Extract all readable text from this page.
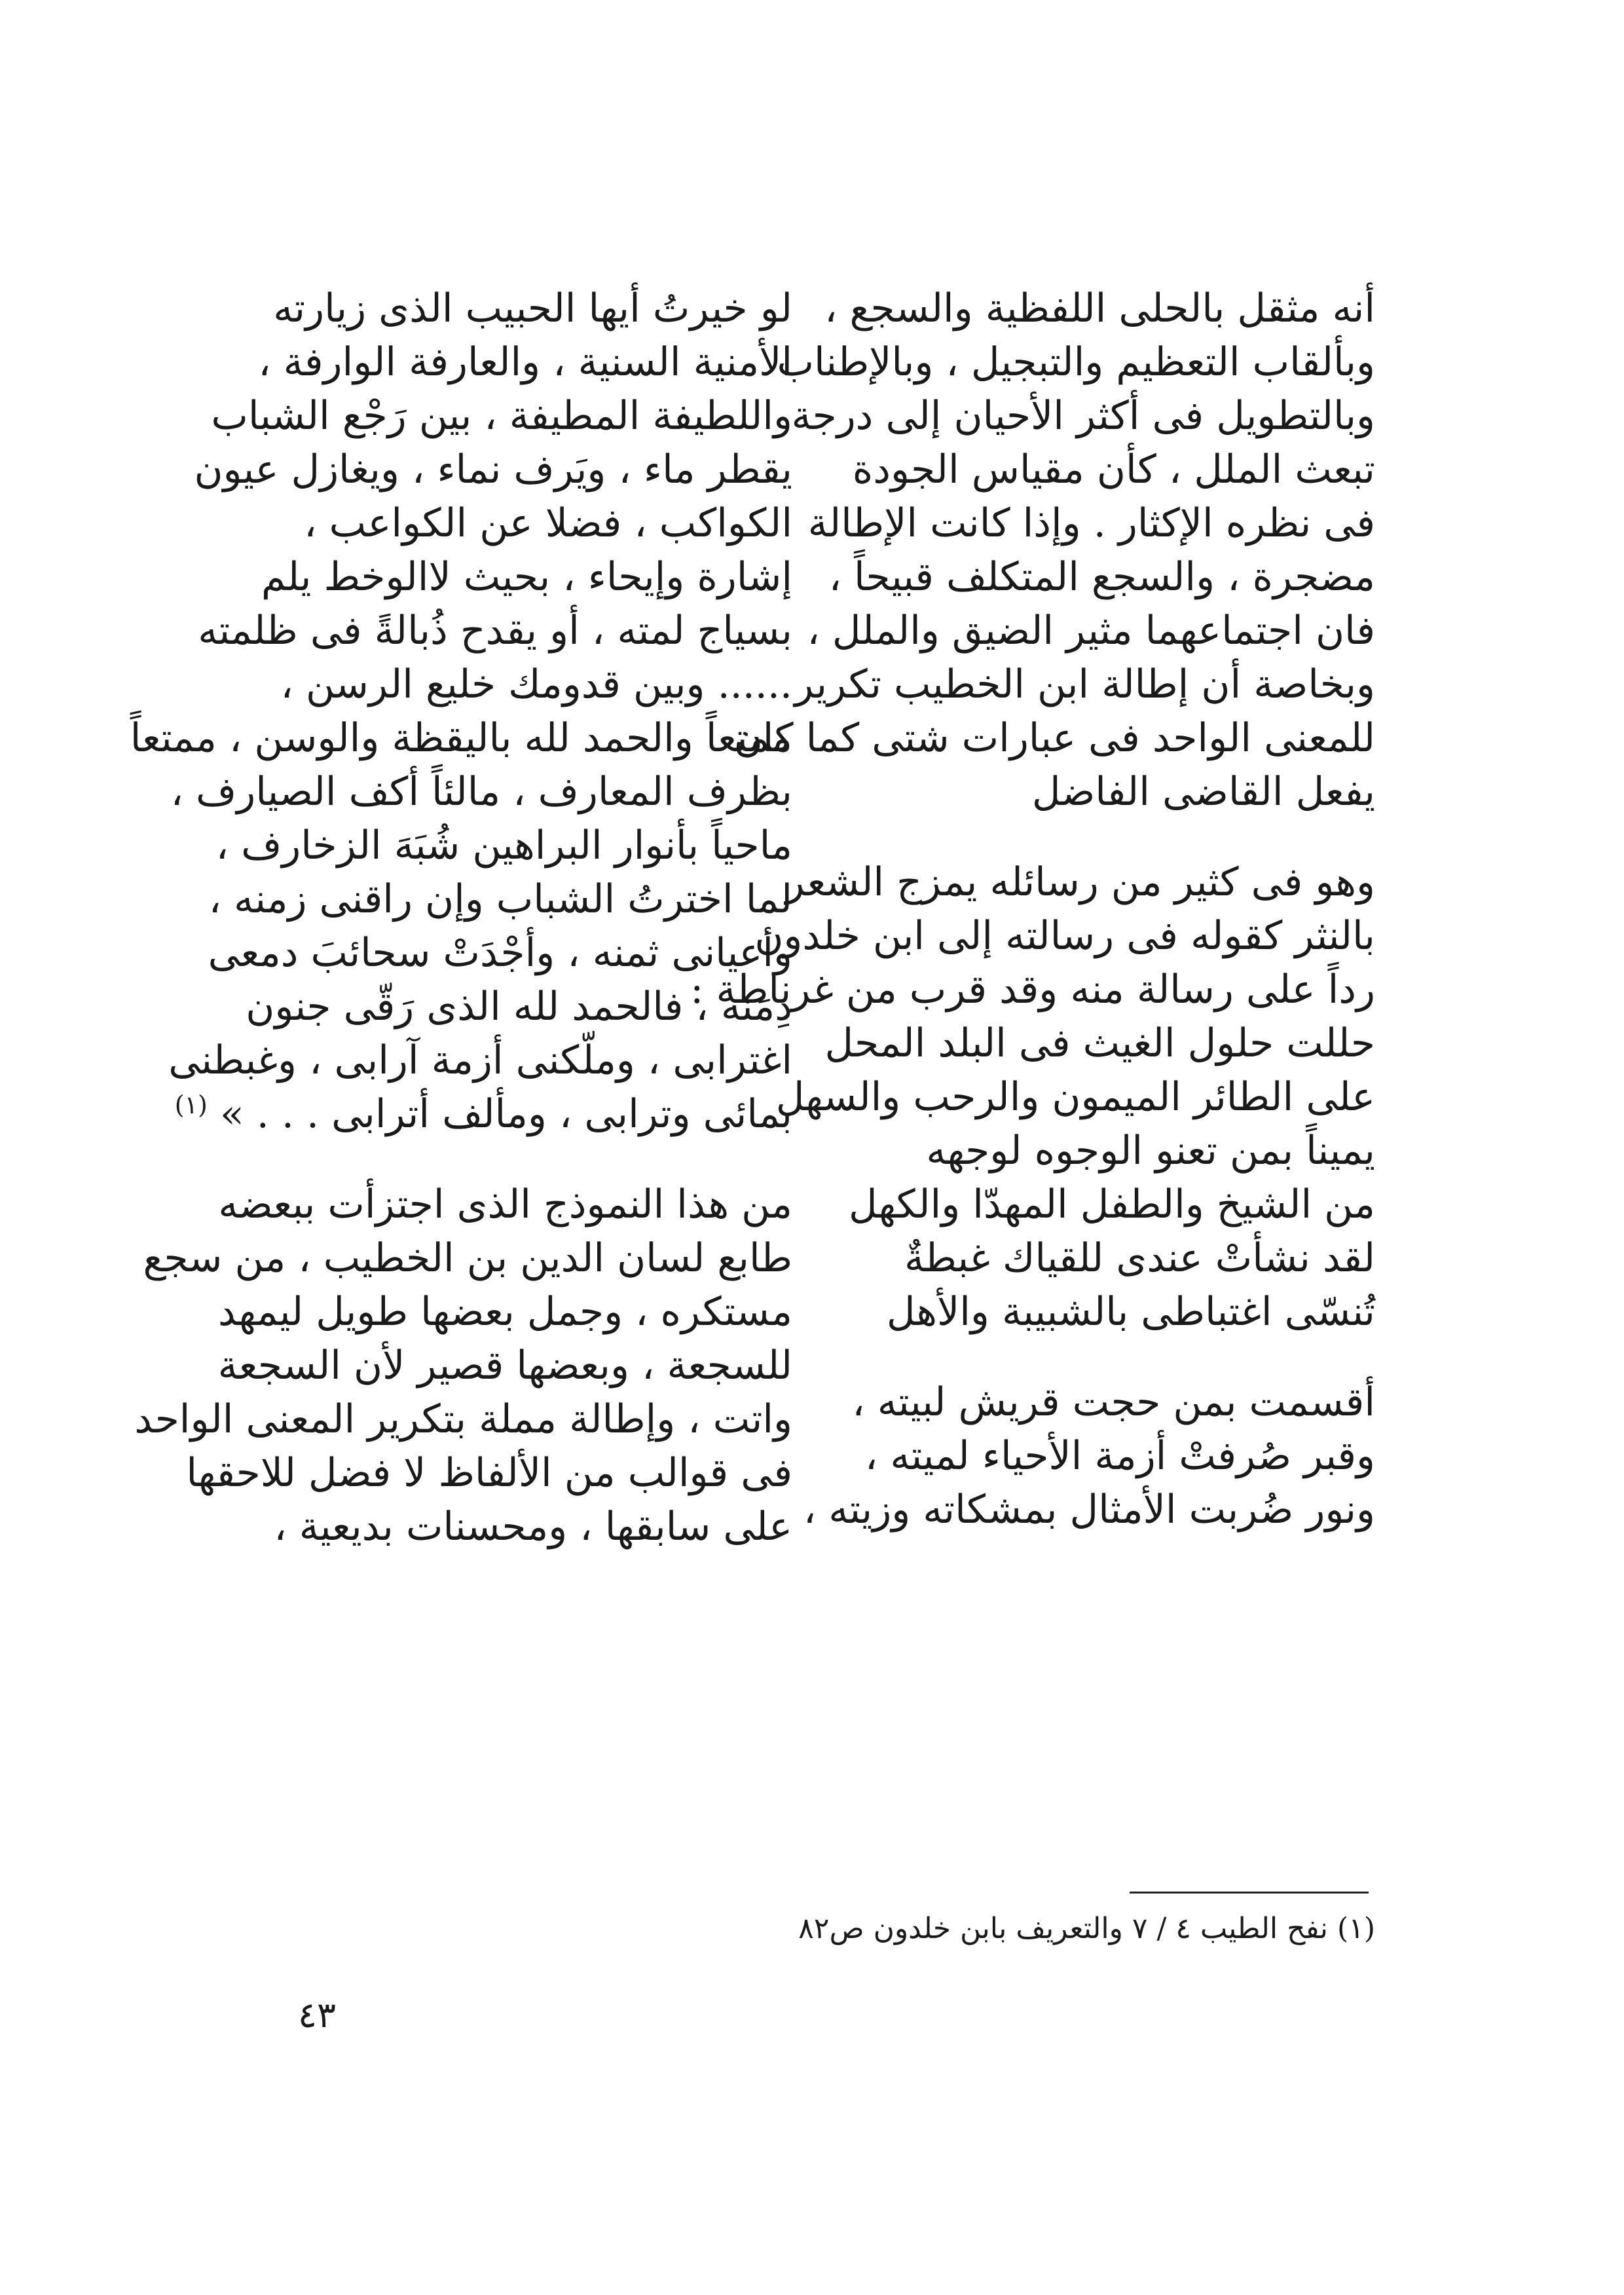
أنه مثقل بالحلى اللفظية والسجع ،
وبألقاب التعظيم والتبجيل ، وبالإطناب
وبالتطويل فى أكثر الأحيان إلى درجة
تبعث الملل ، كأن مقياس الجودة
فى نظره الإكثار . وإذا كانت الإطالة
مضجرة ، والسجع المتكلف قبيحاً ،
فان اجتماعهما مثير الضيق والملل ،
وبخاصة أن إطالة ابن الخطيب تكرير
للمعنى الواحد فى عبارات شتى كما كان
يفعل القاضى الفاضل
وهو فى كثير من رسائله يمزج الشعر
بالنثر كقوله فى رسالته إلى ابن خلدون
رداً على رسالة منه وقد قرب من غرناطة :
حللت حلول الغيث فى البلد المحل
على الطائر الميمون والرحب والسهل
يميناً بمن تعنو الوجوه لوجهه
من الشيخ والطفل المهدّا والكهل
لقد نشأتْ عندى للقياك غبطةٌ
تُنسّى اغتباطى بالشبيبة والأهل
أقسمت بمن حجت قريش لبيته ،
وقبر صُرفتْ أزمة الأحياء لميته ،
ونور ضُربت الأمثال بمشكاته وزيته ،
لو خيرتُ أيها الحبيب الذى زيارته
الأمنية السنية ، والعارفة الوارفة ،
واللطيفة المطيفة ، بين رَجْع الشباب
يقطر ماء ، ويَرف نماء ، ويغازل عيون
الكواكب ، فضلا عن الكواعب ،
إشارة وإيحاء ، بحيث لاالوخط يلم
بسياج لمته ، أو يقدح ذُبالةً فى ظلمته
...... وبين قدومك خليع الرسن ،
ممتعاً والحمد لله باليقظة والوسن ، ممتعاً
بظرف المعارف ، مالئاً أكف الصيارف ،
ماحياً بأنوار البراهين شُبَهَ الزخارف ،
لما اخترتُ الشباب وإن راقنى زمنه ،
وأعيانى ثمنه ، وأجْدَتْ سحائبَ دمعى
دِمَنه ، فالحمد لله الذى رَقّى جنون
اغترابى ، وملّكنى أزمة آرابى ، وغبطنى
بمائى وترابى ، ومألف أترابى . . . » $^{(١)}$
من هذا النموذج الذى اجتزأت ببعضه
طابع لسان الدين بن الخطيب ، من سجع
مستكره ، وجمل بعضها طويل ليمهد
للسجعة ، وبعضها قصير لأن السجعة
واتت ، وإطالة مملة بتكرير المعنى الواحد
فى قوالب من الألفاظ لا فضل للاحقها
على سابقها ، ومحسنات بديعية ،
(١) نفح الطيب ٤ / ٧ والتعريف بابن خلدون ص٨٢
٤٣
